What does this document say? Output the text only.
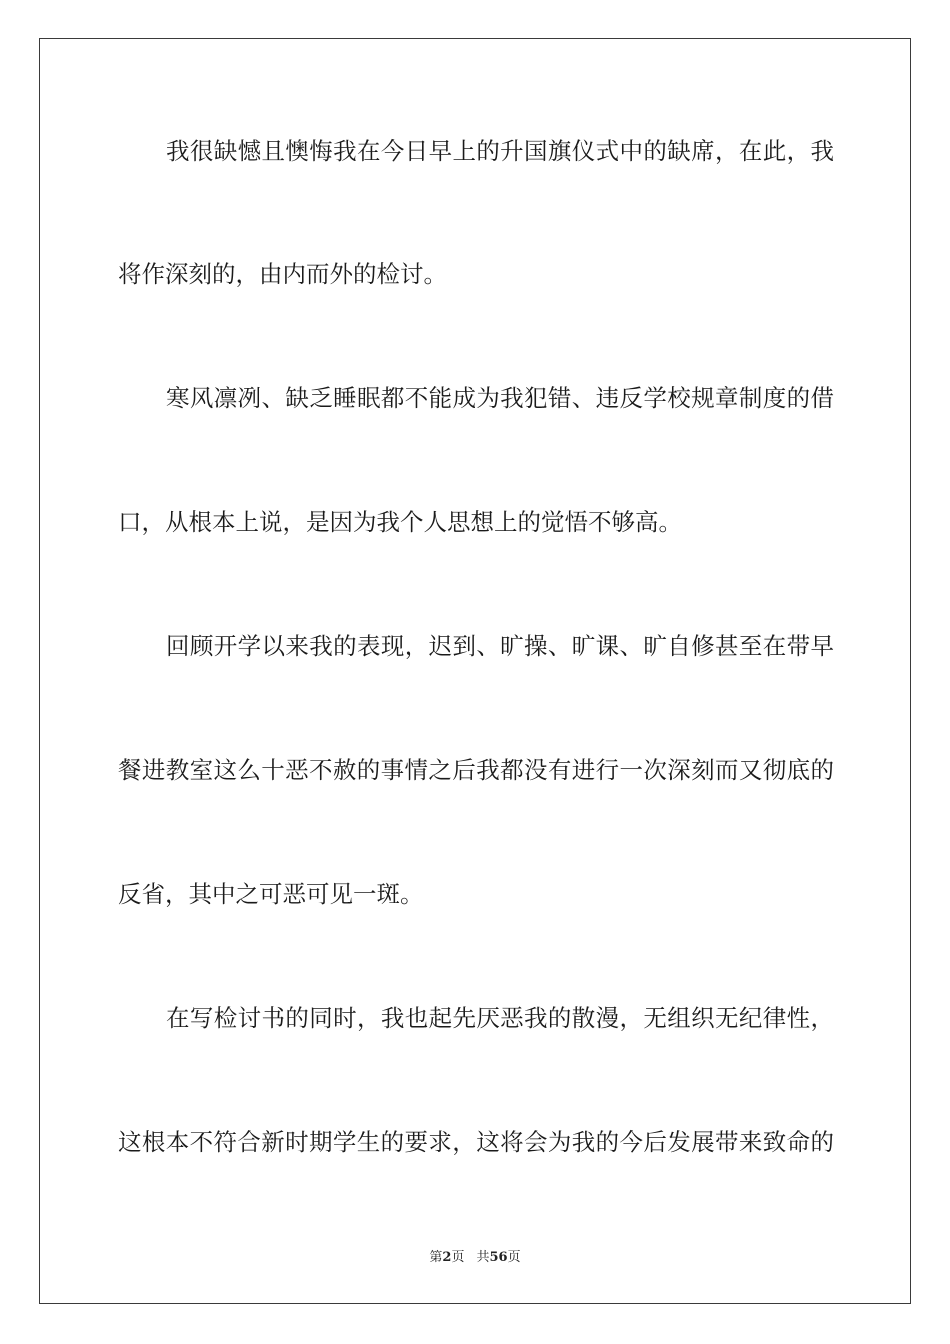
我很缺憾且懊悔我在今日早上的升国旗仪式中的缺席，在此，我
将作深刻的，由内而外的检讨。
寒风凛冽、缺乏睡眠都不能成为我犯错、违反学校规章制度的借
口，从根本上说，是因为我个人思想上的觉悟不够高。
回顾开学以来我的表现，迟到、旷操、旷课、旷自修甚至在带早
餐进教室这么十恶不赦的事情之后我都没有进行一次深刻而又彻底的
反省，其中之可恶可见一斑。
在写检讨书的同时，我也起先厌恶我的散漫，无组织无纪律性，
这根本不符合新时期学生的要求，这将会为我的今后发展带来致命的
第2页 共56页
